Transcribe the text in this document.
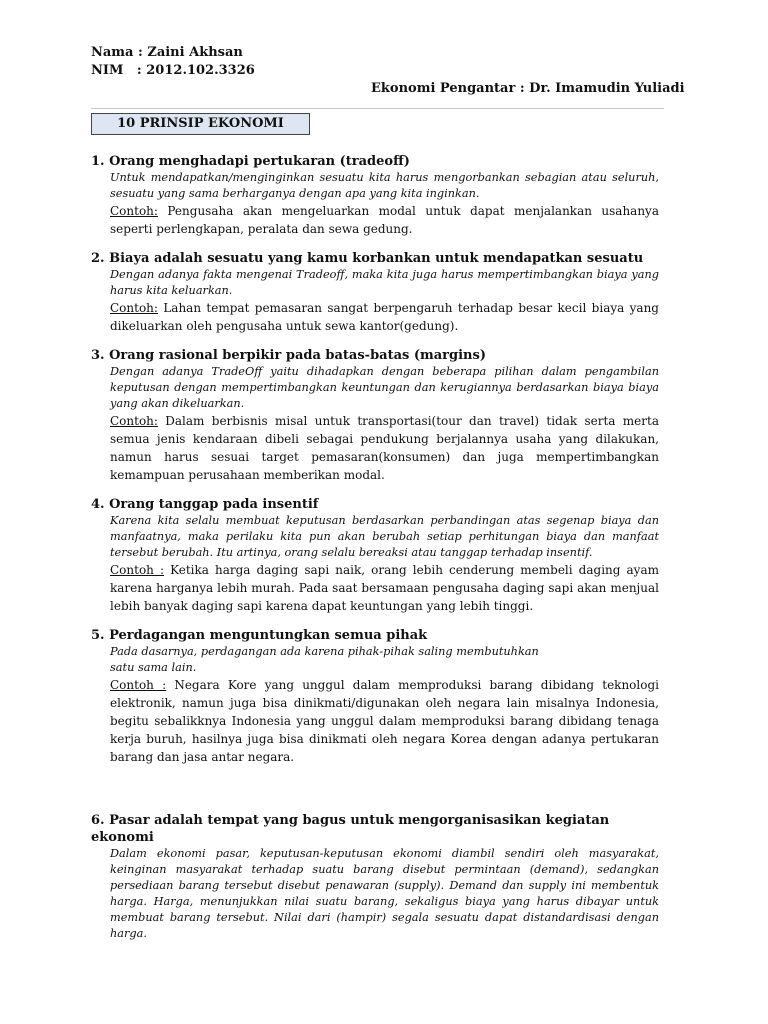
Nama : Zaini Akhsan
NIM   : 2012.102.3326
Ekonomi Pengantar : Dr. Imamudin Yuliadi
10 PRINSIP EKONOMI

1. Orang menghadapi pertukaran (tradeoff)

Untuk mendapatkan/menginginkan sesuatu kita harus mengorbankan sebagian atau seluruh, sesuatu yang sama berharganya dengan apa yang kita inginkan.

Contoh: Pengusaha akan mengeluarkan modal untuk dapat menjalankan usahanya seperti perlengkapan, peralata dan sewa gedung.

2. Biaya adalah sesuatu yang kamu korbankan untuk mendapatkan sesuatu

Dengan adanya fakta mengenai Tradeoff, maka kita juga harus mempertimbangkan biaya yang harus kita keluarkan.

Contoh: Lahan tempat pemasaran sangat berpengaruh terhadap besar kecil biaya yang dikeluarkan oleh pengusaha untuk sewa kantor(gedung).

3. Orang rasional berpikir pada batas-batas (margins)

Dengan adanya TradeOff yaitu dihadapkan dengan beberapa pilihan dalam pengambilan keputusan dengan mempertimbangkan keuntungan dan kerugiannya berdasarkan biaya biaya yang akan dikeluarkan.

Contoh: Dalam berbisnis misal untuk transportasi(tour dan travel) tidak serta merta semua jenis kendaraan dibeli sebagai pendukung berjalannya usaha yang dilakukan, namun harus sesuai target pemasaran(konsumen) dan juga mempertimbangkan kemampuan perusahaan memberikan modal.

4. Orang tanggap pada insentif

Karena kita selalu membuat keputusan berdasarkan perbandingan atas segenap biaya dan manfaatnya, maka perilaku kita pun akan berubah setiap perhitungan biaya dan manfaat tersebut berubah. Itu artinya, orang selalu bereaksi atau tanggap terhadap insentif.

Contoh : Ketika harga daging sapi naik, orang lebih cenderung membeli daging ayam karena harganya lebih murah. Pada saat bersamaan pengusaha daging sapi akan menjual lebih banyak daging sapi karena dapat keuntungan yang lebih tinggi.

5. Perdagangan menguntungkan semua pihak

Pada dasarnya, perdagangan ada karena pihak-pihak saling membutuhkan

satu sama lain.

Contoh : Negara Kore yang unggul dalam memproduksi barang dibidang teknologi elektronik, namun juga bisa dinikmati/digunakan oleh negara lain misalnya Indonesia, begitu sebalikknya Indonesia yang unggul dalam memproduksi barang dibidang tenaga kerja buruh, hasilnya juga bisa dinikmati oleh negara Korea dengan adanya pertukaran barang dan jasa antar negara.

6. Pasar adalah tempat yang bagus untuk mengorganisasikan kegiatan ekonomi

Dalam ekonomi pasar, keputusan-keputusan ekonomi diambil sendiri oleh masyarakat, keinginan masyarakat terhadap suatu barang disebut permintaan (demand), sedangkan persediaan barang tersebut disebut penawaran (supply). Demand dan supply ini membentuk harga. Harga, menunjukkan nilai suatu barang, sekaligus biaya yang harus dibayar untuk membuat barang tersebut. Nilai dari (hampir) segala sesuatu dapat distandardisasi dengan harga.
